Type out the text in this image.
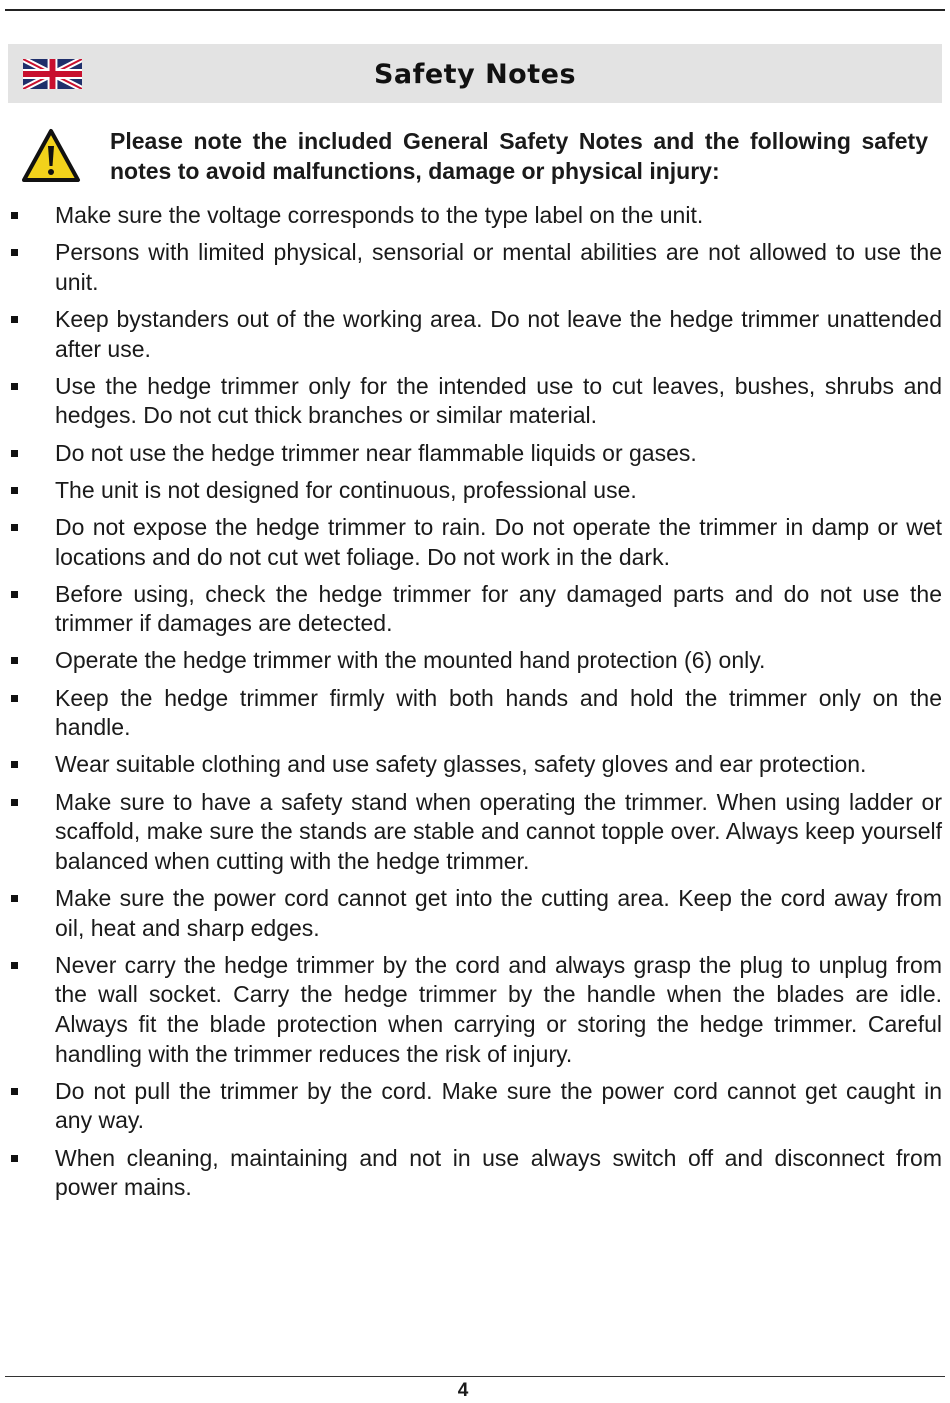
Safety Notes
Please note the included General Safety Notes and the following safety notes to avoid malfunctions, damage or physical injury:
Make sure the voltage corresponds to the type label on the unit.
Persons with limited physical, sensorial or mental abilities are not allowed to use the unit.
Keep bystanders out of the working area. Do not leave the hedge trimmer unattended after use.
Use the hedge trimmer only for the intended use to cut leaves, bushes, shrubs and hedges. Do not cut thick branches or similar material.
Do not use the hedge trimmer near flammable liquids or gases.
The unit is not designed for continuous, professional use.
Do not expose the hedge trimmer to rain. Do not operate the trimmer in damp or wet locations and do not cut wet foliage. Do not work in the dark.
Before using, check the hedge trimmer for any damaged parts and do not use the trimmer if damages are detected.
Operate the hedge trimmer with the mounted hand protection (6) only.
Keep the hedge trimmer firmly with both hands and hold the trimmer only on the handle.
Wear suitable clothing and use safety glasses, safety gloves and ear protection.
Make sure to have a safety stand when operating the trimmer. When using ladder or scaffold, make sure the stands are stable and cannot topple over. Always keep yourself balanced when cutting with the hedge trimmer.
Make sure the power cord cannot get into the cutting area. Keep the cord away from oil, heat and sharp edges.
Never carry the hedge trimmer by the cord and always grasp the plug to unplug from the wall socket. Carry the hedge trimmer by the handle when the blades are idle. Always fit the blade protection when carrying or storing the hedge trimmer. Careful handling with the trimmer reduces the risk of injury.
Do not pull the trimmer by the cord. Make sure the power cord cannot get caught in any way.
When cleaning, maintaining and not in use always switch off and disconnect from power mains.
4
